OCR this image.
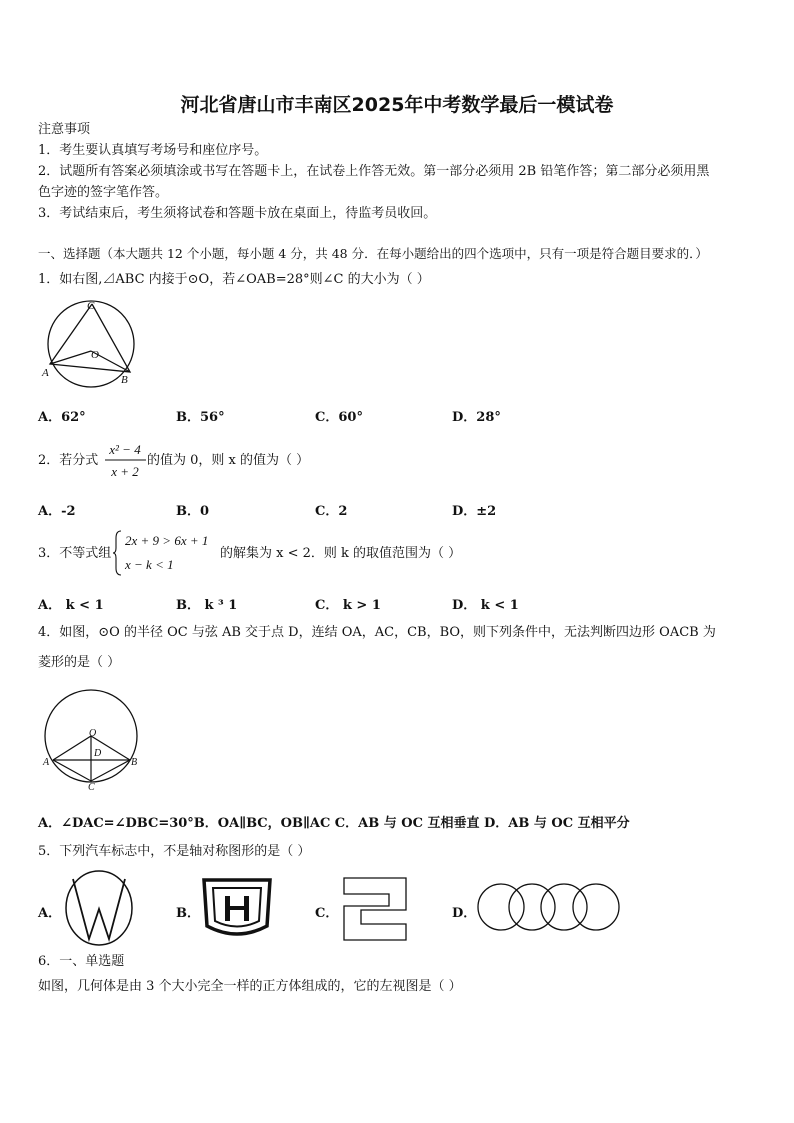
河北省唐山市丰南区2025年中考数学最后一模试卷
注意事项
1．考生要认真填写考场号和座位序号。
2．试题所有答案必须填涂或书写在答题卡上，在试卷上作答无效。第一部分必须用 2B 铅笔作答；第二部分必须用黑
色字迹的签字笔作答。
3．考试结束后，考生须将试卷和答题卡放在桌面上，待监考员收回。
一、选择题（本大题共 12 个小题，每小题 4 分，共 48 分．在每小题给出的四个选项中，只有一项是符合题目要求的．）
1．如右图,⊿ABC 内接于⊙O，若∠OAB=28°则∠C 的大小为（ ）
C
O
A
B
A．62°	B．56°	C．60°	D．28°
2．若分式
x² − 4
x + 2
的值为 0，则 x 的值为（ ）
A．-2	B．0	C．2	D．±2
3．不等式组
2x + 9 > 6x + 1
x − k < 1
的解集为 x < 2．则 k 的取值范围为（ ）
A． k < 1	B． k ³ 1	C． k > 1	D． k < 1
4．如图，⊙O 的半径 OC 与弦 AB 交于点 D，连结 OA，AC，CB，BO，则下列条件中，无法判断四边形 OACB 为
菱形的是（ ）
O
D
A	B
C
A．∠DAC=∠DBC=30°B．OA∥BC，OB∥AC C．AB 与 OC 互相垂直 D．AB 与 OC 互相平分
5．下列汽车标志中，不是轴对称图形的是（ ）
A．	B．	C．	D．
6．一、单选题
如图，几何体是由 3 个大小完全一样的正方体组成的，它的左视图是（ ）
